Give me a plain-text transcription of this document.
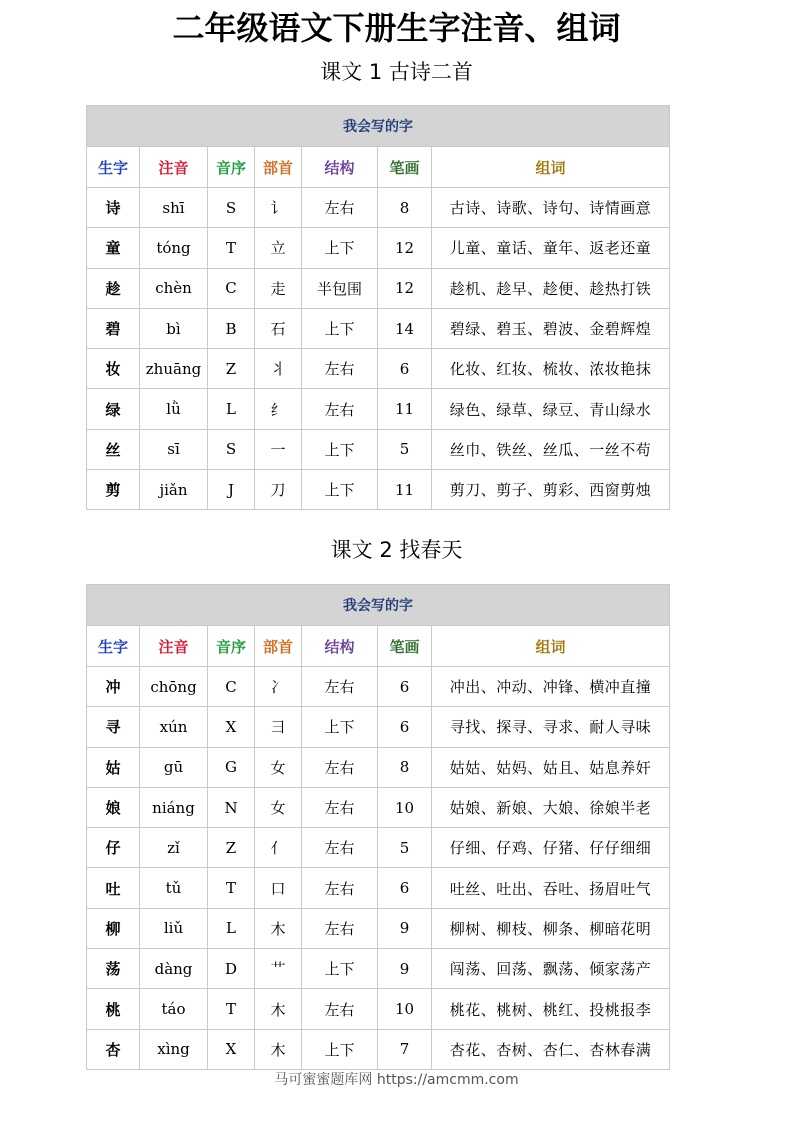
二年级语文下册生字注音、组词
课文 1 古诗二首
我会写的字						
生字	注音	音序	部首	结构	笔画	组词
诗	shī	S	讠	左右	8	古诗、诗歌、诗句、诗情画意
童	tóng	T	立	上下	12	儿童、童话、童年、返老还童
趁	chèn	C	走	半包围	12	趁机、趁早、趁便、趁热打铁
碧	bì	B	石	上下	14	碧绿、碧玉、碧波、金碧辉煌
妆	zhuāng	Z	丬	左右	6	化妆、红妆、梳妆、浓妆艳抹
绿	lǜ	L	纟	左右	11	绿色、绿草、绿豆、青山绿水
丝	sī	S	一	上下	5	丝巾、铁丝、丝瓜、一丝不苟
剪	jiǎn	J	刀	上下	11	剪刀、剪子、剪彩、西窗剪烛
课文 2 找春天
我会写的字						
生字	注音	音序	部首	结构	笔画	组词
冲	chōng	C	冫	左右	6	冲出、冲动、冲锋、横冲直撞
寻	xún	X	彐	上下	6	寻找、探寻、寻求、耐人寻味
姑	gū	G	女	左右	8	姑姑、姑妈、姑且、姑息养奸
娘	niáng	N	女	左右	10	姑娘、新娘、大娘、徐娘半老
仔	zǐ	Z	亻	左右	5	仔细、仔鸡、仔猪、仔仔细细
吐	tǔ	T	口	左右	6	吐丝、吐出、吞吐、扬眉吐气
柳	liǔ	L	木	左右	9	柳树、柳枝、柳条、柳暗花明
荡	dàng	D	艹	上下	9	闯荡、回荡、飘荡、倾家荡产
桃	táo	T	木	左右	10	桃花、桃树、桃红、投桃报李
杏	xìng	X	木	上下	7	杏花、杏树、杏仁、杏林春满
马可蜜蜜题库网 https://amcmm.com
